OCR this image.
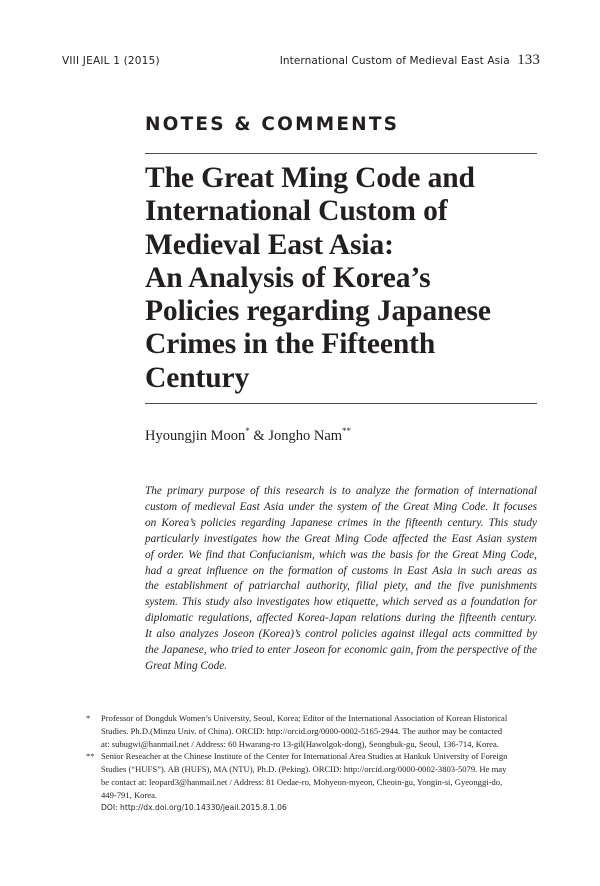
VIII JEAIL 1 (2015)	International Custom of Medieval East Asia 133
NOTES & COMMENTS
The Great Ming Code and
International Custom of
Medieval East Asia:
An Analysis of Korea’s
Policies regarding Japanese
Crimes in the Fifteenth
Century
Hyoungjin Moon* & Jongho Nam**
The primary purpose of this research is to analyze the formation of international
custom of medieval East Asia under the system of the Great Ming Code. It focuses
on Korea’s policies regarding Japanese crimes in the fifteenth century. This study
particularly investigates how the Great Ming Code affected the East Asian system
of order. We find that Confucianism, which was the basis for the Great Ming Code,
had a great influence on the formation of customs in East Asia in such areas as
the establishment of patriarchal authority, filial piety, and the five punishments
system. This study also investigates how etiquette, which served as a foundation for
diplomatic regulations, affected Korea-Japan relations during the fifteenth century.
It also analyzes Joseon (Korea)’s control policies against illegal acts committed by
the Japanese, who tried to enter Joseon for economic gain, from the perspective of the
Great Ming Code.
* Professor of Dongduk Women’s University, Seoul, Korea; Editor of the International Association of Korean Historical
Studies. Ph.D.(Minzu Univ. of China). ORCID: http://orcid.org/0000-0002-5165-2944. The author may be contacted
at: subugwi@hanmail.net / Address: 60 Hwarang-ro 13-gil(Hawolgok-dong), Seongbuk-gu, Seoul, 136-714, Korea.
** Senior Reseacher at the Chinese Institute of the Center for International Area Studies at Hankuk University of Foreign
Studies (“HUFS”). AB (HUFS), MA (NTU), Ph.D. (Peking). ORCID: http://orcid.org/0000-0002-3803-5079. He may
be contact at: leopard3@hanmail.net / Address: 81 Oedae-ro, Mohyeon-myeon, Cheoin-gu, Yongin-si, Gyeonggi-do,
449-791, Korea.
DOI: http://dx.doi.org/10.14330/jeail.2015.8.1.06
